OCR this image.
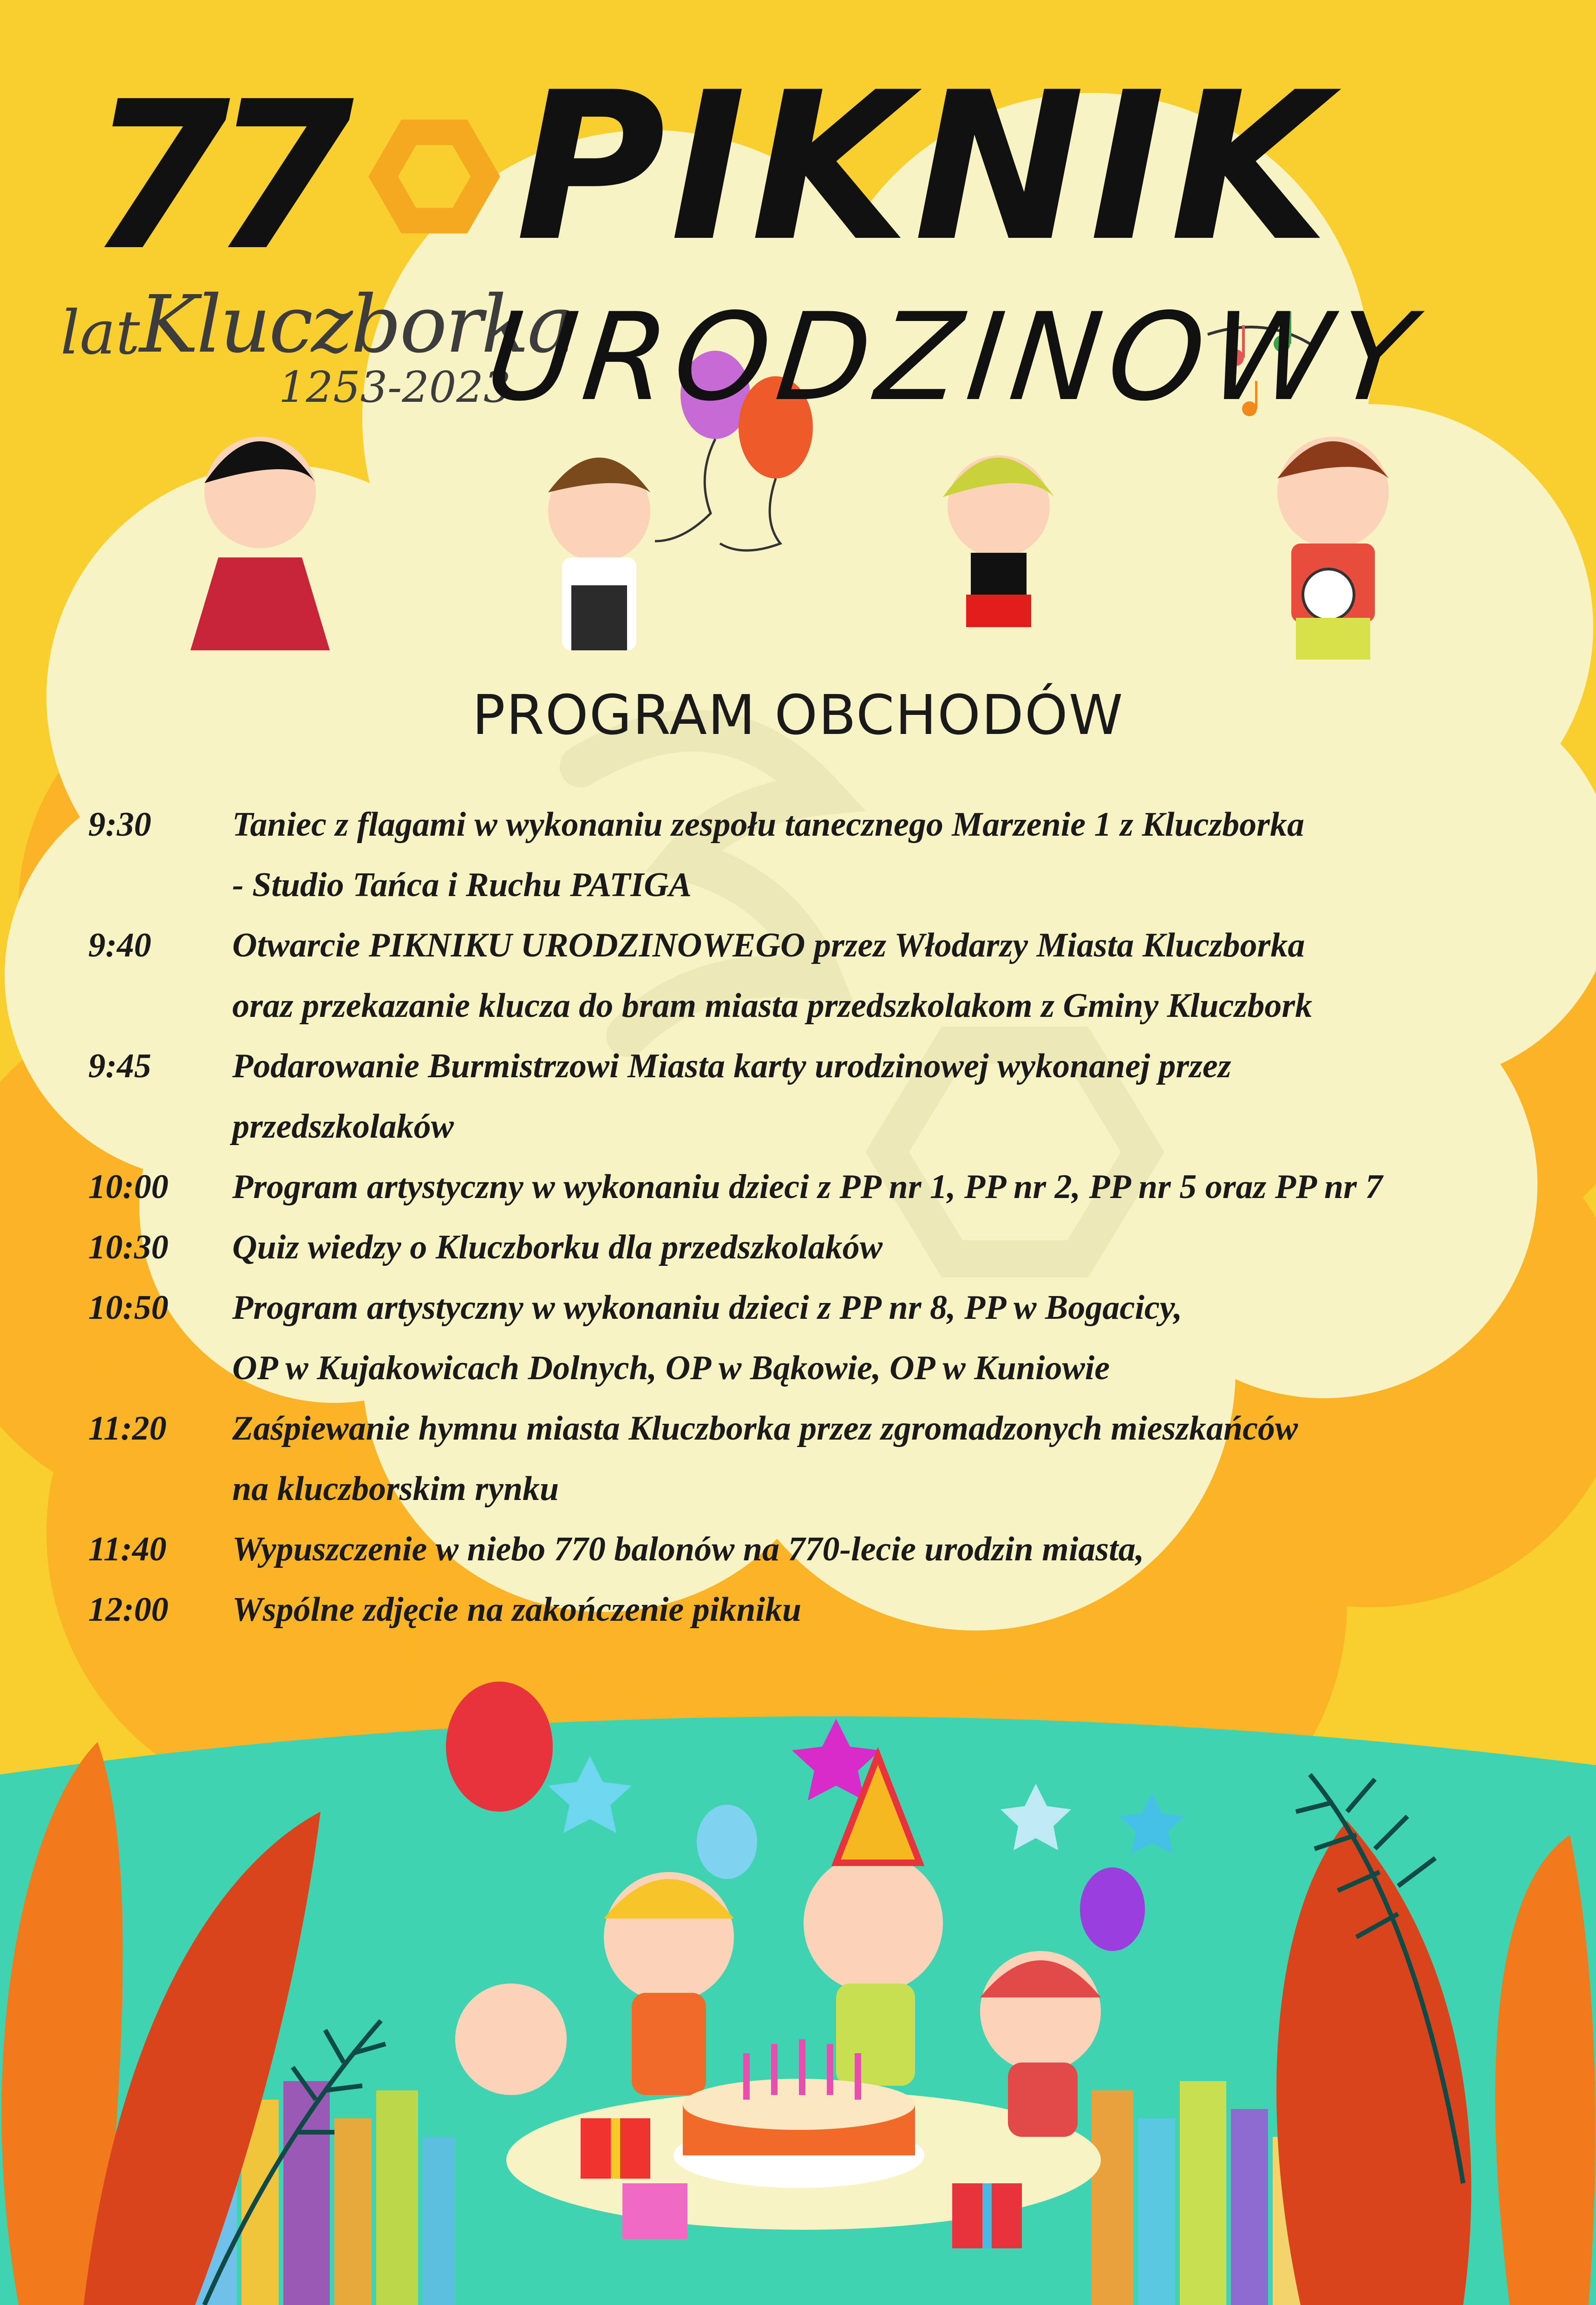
77
lat
Kluczborka
1253-2023
PIKNIK
URODZINOWY
PROGRAM OBCHODÓW
9:30	Taniec z flagami w wykonaniu zespołu tanecznego Marzenie 1 z Kluczborka
- Studio Tańca i Ruchu PATIGA
9:40	Otwarcie PIKNIKU URODZINOWEGO przez Włodarzy Miasta Kluczborka
oraz przekazanie klucza do bram miasta przedszkolakom z Gminy Kluczbork
9:45	Podarowanie Burmistrzowi Miasta karty urodzinowej wykonanej przez
przedszkolaków
10:00	Program artystyczny w wykonaniu dzieci z PP nr 1, PP nr 2, PP nr 5 oraz PP nr 7
10:30	Quiz wiedzy o Kluczborku dla przedszkolaków
10:50	Program artystyczny w wykonaniu dzieci z PP nr 8, PP w Bogacicy,
OP w Kujakowicach Dolnych, OP w Bąkowie, OP w Kuniowie
11:20	Zaśpiewanie hymnu miasta Kluczborka przez zgromadzonych mieszkańców
na kluczborskim rynku
11:40	Wypuszczenie w niebo 770 balonów na 770-lecie urodzin miasta,
12:00	Wspólne zdjęcie na zakończenie pikniku
